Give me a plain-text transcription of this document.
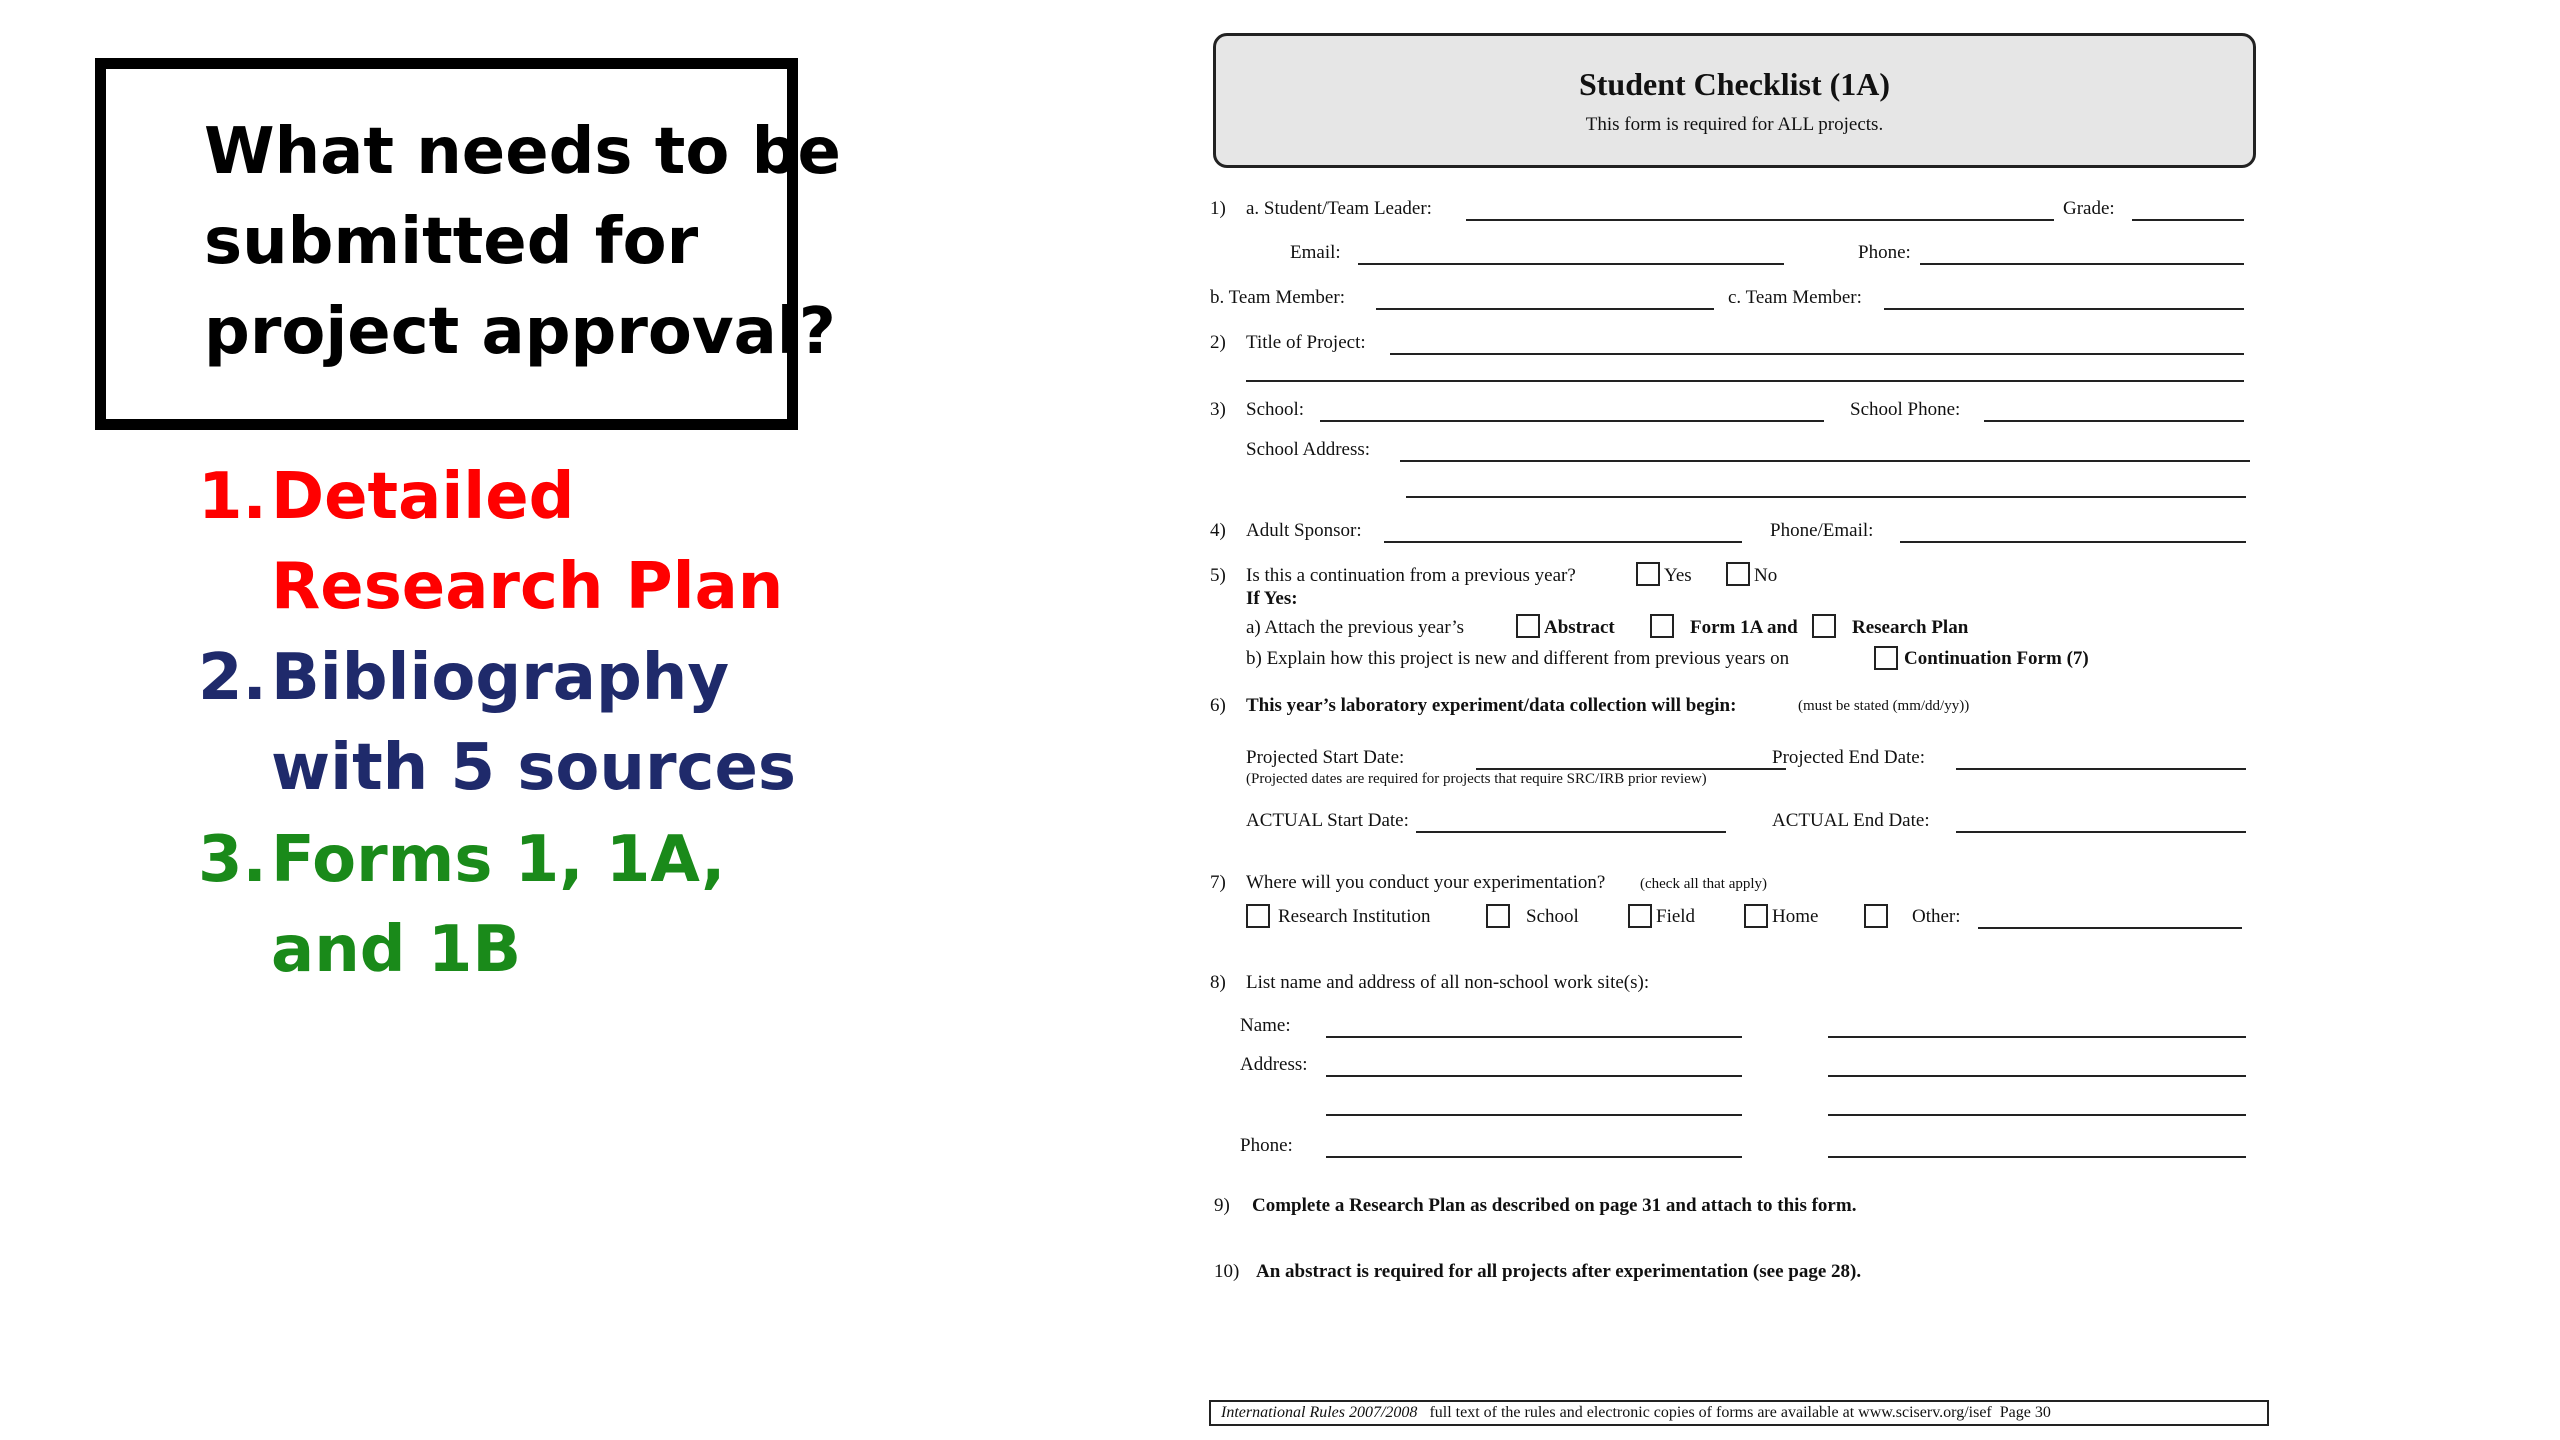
What needs to be
submitted for
project approval?
1. Detailed
Research Plan
2. Bibliography
with 5 sources
3. Forms 1, 1A,
and 1B
Student Checklist (1A)
This form is required for ALL projects.
1) a. Student/Team Leader:	Grade:
Email:	Phone:
b. Team Member:	c. Team Member:
2) Title of Project:
3) School:	School Phone:
School Address:
4) Adult Sponsor:	Phone/Email:
5) Is this a continuation from a previous year?	Yes	No
If Yes:
a) Attach the previous year’s	Abstract	Form 1A and	Research Plan
b) Explain how this project is new and different from previous years on	Continuation Form (7)
6) This year’s laboratory experiment/data collection will begin:	(must be stated (mm/dd/yy))
Projected Start Date:	Projected End Date:
(Projected dates are required for projects that require SRC/IRB prior review)
ACTUAL Start Date:	ACTUAL End Date:
7) Where will you conduct your experimentation? (check all that apply)
Research Institution	School	Field	Home	Other:
8) List name and address of all non-school work site(s):
Name:
Address:
Phone:
9) Complete a Research Plan as described on page 31 and attach to this form.
10) An abstract is required for all projects after experimentation (see page 28).
International Rules 2007/2008 full text of the rules and electronic copies of forms are available at www.sciserv.org/isef Page 30
